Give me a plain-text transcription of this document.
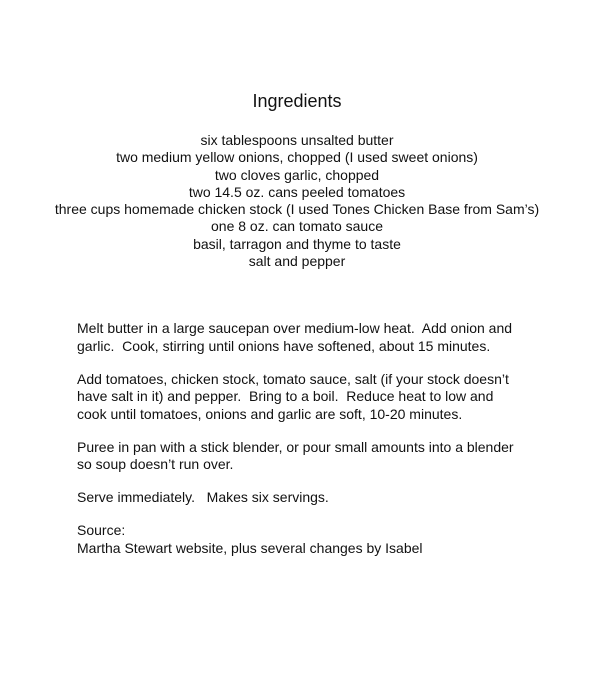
Ingredients
six tablespoons unsalted butter
two medium yellow onions, chopped (I used sweet onions)
two cloves garlic, chopped
two 14.5 oz. cans peeled tomatoes
three cups homemade chicken stock (I used Tones Chicken Base from Sam’s)
one 8 oz. can tomato sauce
basil, tarragon and thyme to taste
salt and pepper
Melt butter in a large saucepan over medium-low heat.  Add onion and
garlic.  Cook, stirring until onions have softened, about 15 minutes.
Add tomatoes, chicken stock, tomato sauce, salt (if your stock doesn’t
have salt in it) and pepper.  Bring to a boil.  Reduce heat to low and
cook until tomatoes, onions and garlic are soft, 10-20 minutes.
Puree in pan with a stick blender, or pour small amounts into a blender
so soup doesn’t run over.
Serve immediately.   Makes six servings.
Source:
Martha Stewart website, plus several changes by Isabel
